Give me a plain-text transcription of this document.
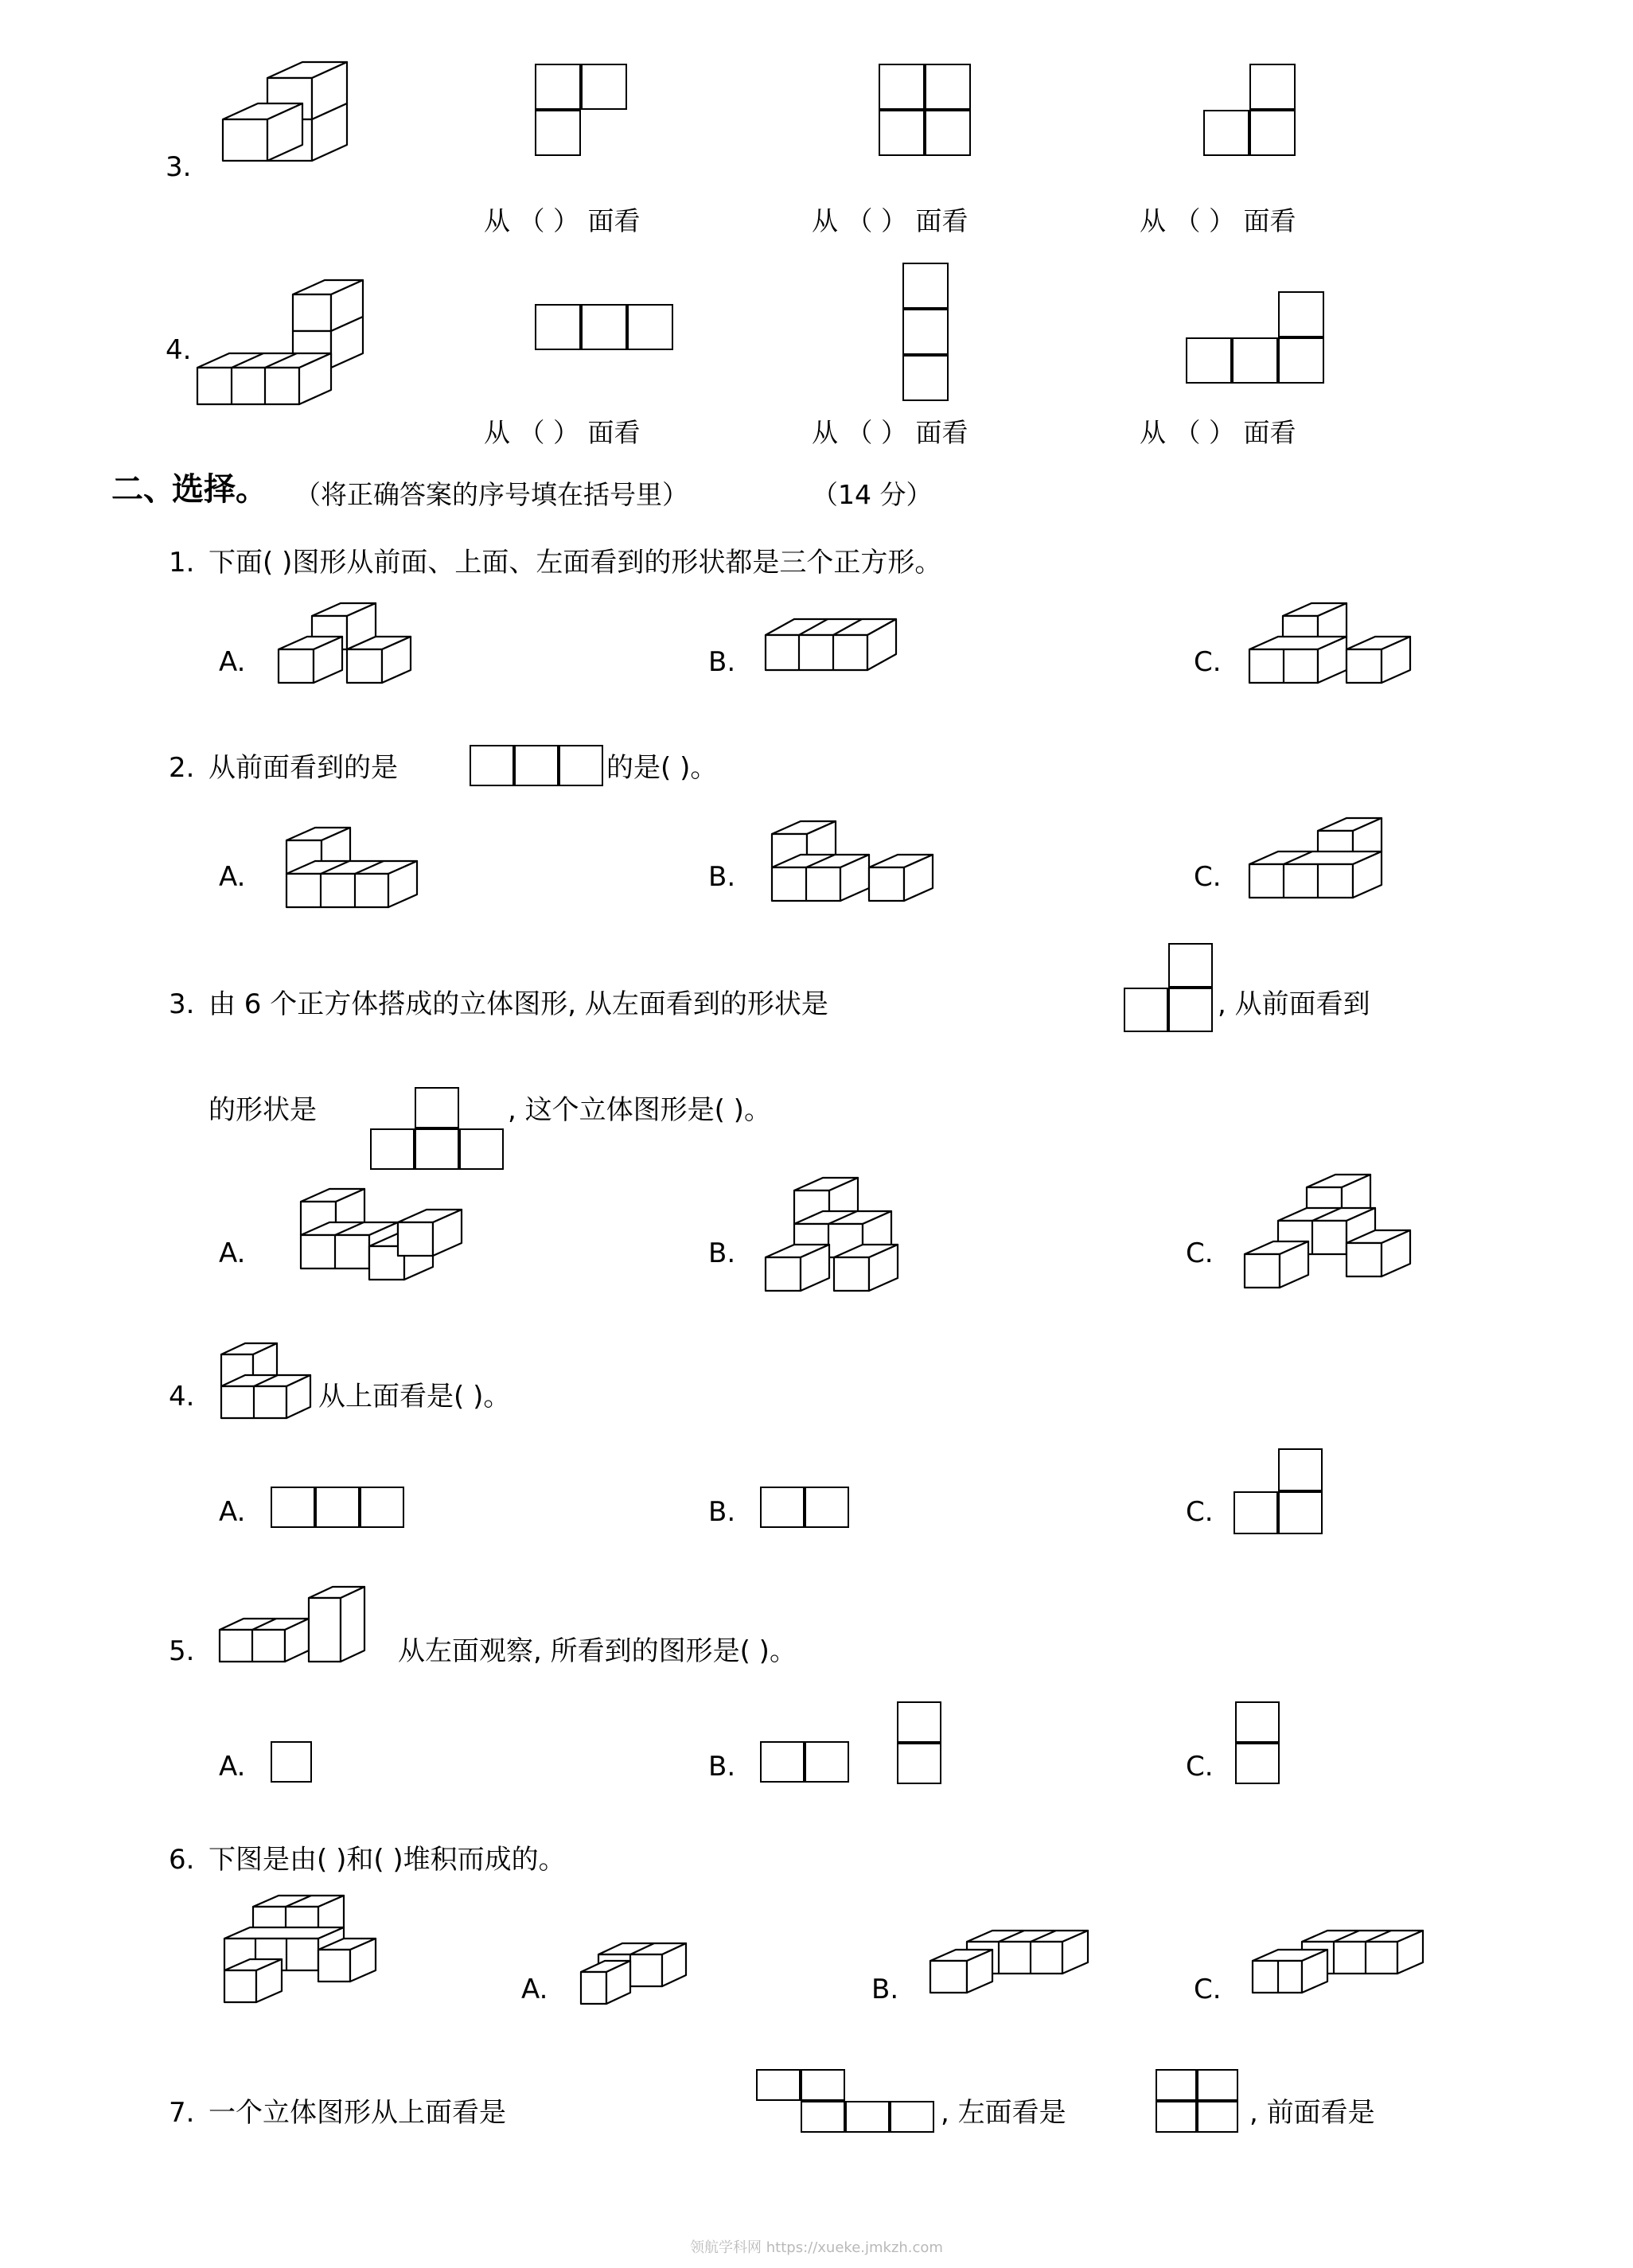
3.
从 （ ） 面看	从 （ ） 面看	从 （ ） 面看
4.
从 （ ） 面看	从 （ ） 面看	从 （ ） 面看
二、
选择。 （将正确答案的序号填在括号里）	（14 分）
1. 下面( )图形从前面、上面、左面看到的形状都是三个正方形。
A.	B.	C.
2. 从前面看到的是	的是( )。
A.	B.	C.
3. 由 6 个正方体搭成的立体图形, 从左面看到的形状是	, 从前面看到
的形状是	, 这个立体图形是( )。
A.	B.	C.
4.	从上面看是( )。
A.	B.	C.
5.	从左面观察, 所看到的图形是( )。
A.	B.	C.
6. 下图是由( )和( )堆积而成的。
A.	B.	C.
7. 一个立体图形从上面看是	, 左面看是	, 前面看是
领航学科网 https://xueke.jmkzh.com
